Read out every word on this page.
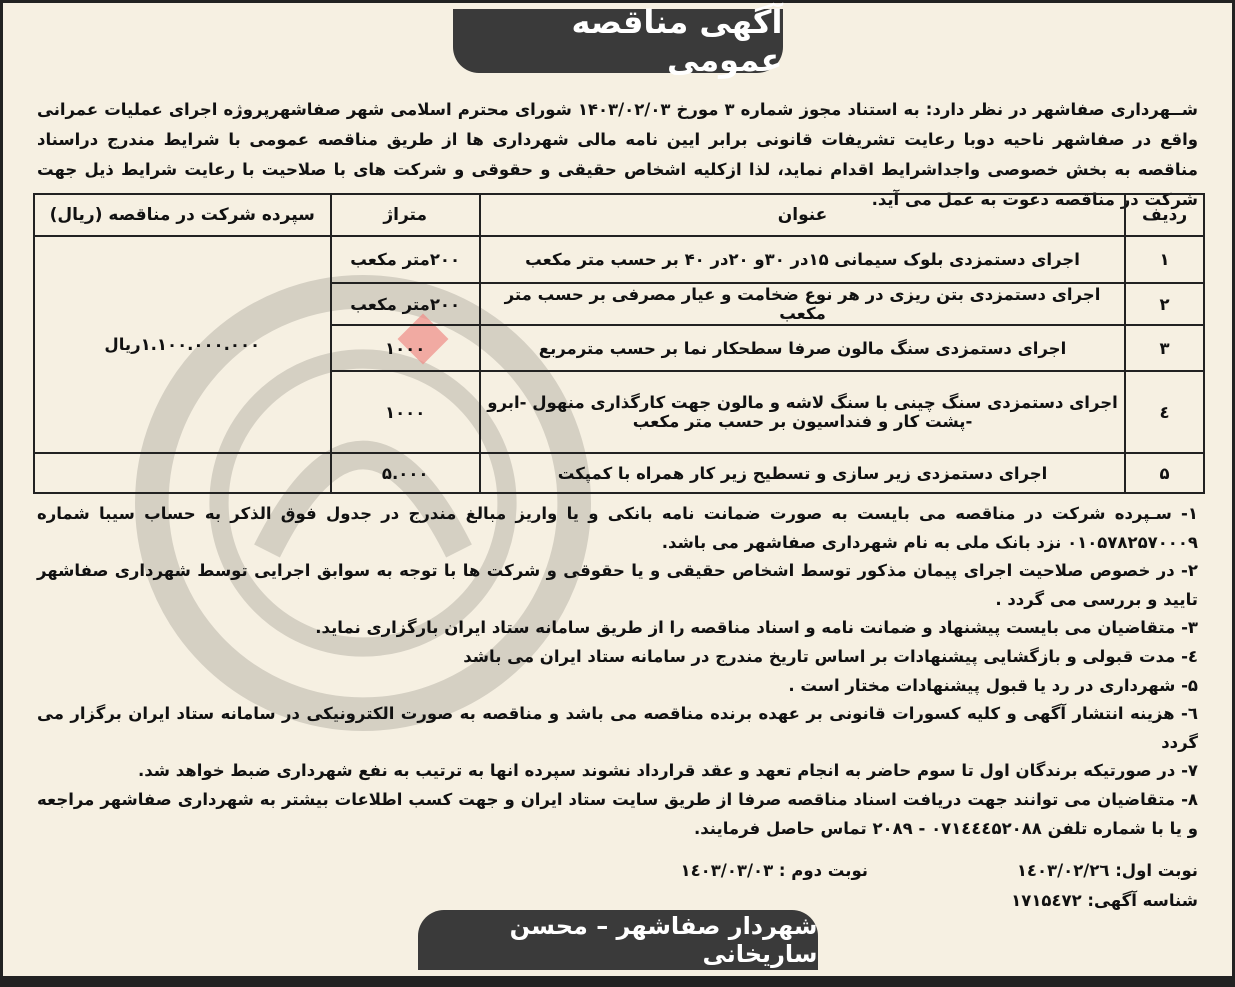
آگهی مناقصه عمومی
شــهرداری صفاشهر در نظر دارد: به استناد مجوز شماره ۳ مورخ ۱۴۰۳/۰۲/۰۳ شورای محترم اسلامی شهر صفاشهرپروژه اجرای عملیات عمرانی واقع در صفاشهر ناحیه دوبا رعایت تشریفات قانونی برابر ایین نامه مالی شهرداری ها از طریق مناقصه عمومی با شرایط مندرج دراسناد مناقصه به بخش خصوصی واجداشرایط اقدام نماید، لذا ازکلیه اشخاص حقیقی و حقوقی و شرکت های با صلاحیت با رعایت شرایط ذیل جهت شرکت در مناقصه دعوت به عمل می آید.
ردیف	عنوان	متراژ	سپرده شرکت در مناقصه (ریال)
۱	اجرای دستمزدی بلوک سیمانی ۱۵در ۳۰و ۲۰در ۴۰ بر حسب متر مکعب	۲۰۰متر مکعب	۱.۱۰۰.۰۰۰.۰۰۰ریال
۲	اجرای دستمزدی بتن ریزی در هر نوع ضخامت و عیار مصرفی بر حسب متر مکعب	۲۰۰متر مکعب	
۳	اجرای دستمزدی سنگ مالون صرفا سطحکار نما بر حسب مترمربع	۱۰۰۰	
٤	اجرای دستمزدی سنگ چینی با سنگ لاشه و مالون جهت کارگذاری منهول -ابرو -پشت کار و فنداسیون بر حسب متر مکعب	۱۰۰۰	
۵	اجرای دستمزدی زیر سازی و تسطیح زیر کار همراه با کمپکت	۵.۰۰۰	

۱- سـپرده شرکت در مناقصه می بایست به صورت ضمانت نامه بانکی و یا واریز مبالغ مندرج در جدول فوق الذکر به حساب سیبا شماره ۰۱۰۵۷۸۲۵۷۰۰۰۹ نزد بانک ملی به نام شهرداری صفاشهر می باشد.

۲- در خصوص صلاحیت اجرای پیمان مذکور توسط اشخاص حقیقی و یا حقوقی و شرکت ها با توجه به سوابق اجرایی توسط شهرداری صفاشهر تایید و بررسی می گردد .

۳- متقاضیان می بایست پیشنهاد و ضمانت نامه و اسناد مناقصه را از طریق سامانه ستاد ایران بارگزاری نماید.

٤- مدت قبولی و بازگشایی پیشنهادات بر اساس تاریخ مندرج در سامانه ستاد ایران می باشد

۵- شهرداری در رد یا قبول پیشنهادات مختار است .

٦- هزینه انتشار آگهی و کلیه کسورات قانونی بر عهده برنده مناقصه می باشد و مناقصه به صورت الکترونیکی در سامانه ستاد ایران برگزار می گردد

۷- در صورتیکه برندگان اول تا سوم حاضر به انجام تعهد و عقد قرارداد نشوند سپرده انها به ترتیب به نفع شهرداری ضبط خواهد شد.

۸- متقاضیان می توانند جهت دریافت اسناد مناقصه صرفا از طریق سایت ستاد ایران و جهت کسب اطلاعات بیشتر به شهرداری صفاشهر مراجعه و یا با شماره تلفن ۰۷۱٤٤٤۵۲۰۸۸ - ۲۰۸۹ تماس حاصل فرمایند.

نوبت اول: ۱٤۰۳/۰۲/۲٦
نوبت دوم : ۱٤۰۳/۰۳/۰۳
شناسه آگهی: ۱۷۱۵٤۷۲
شهردار صفاشهر – محسن ساریخانی
